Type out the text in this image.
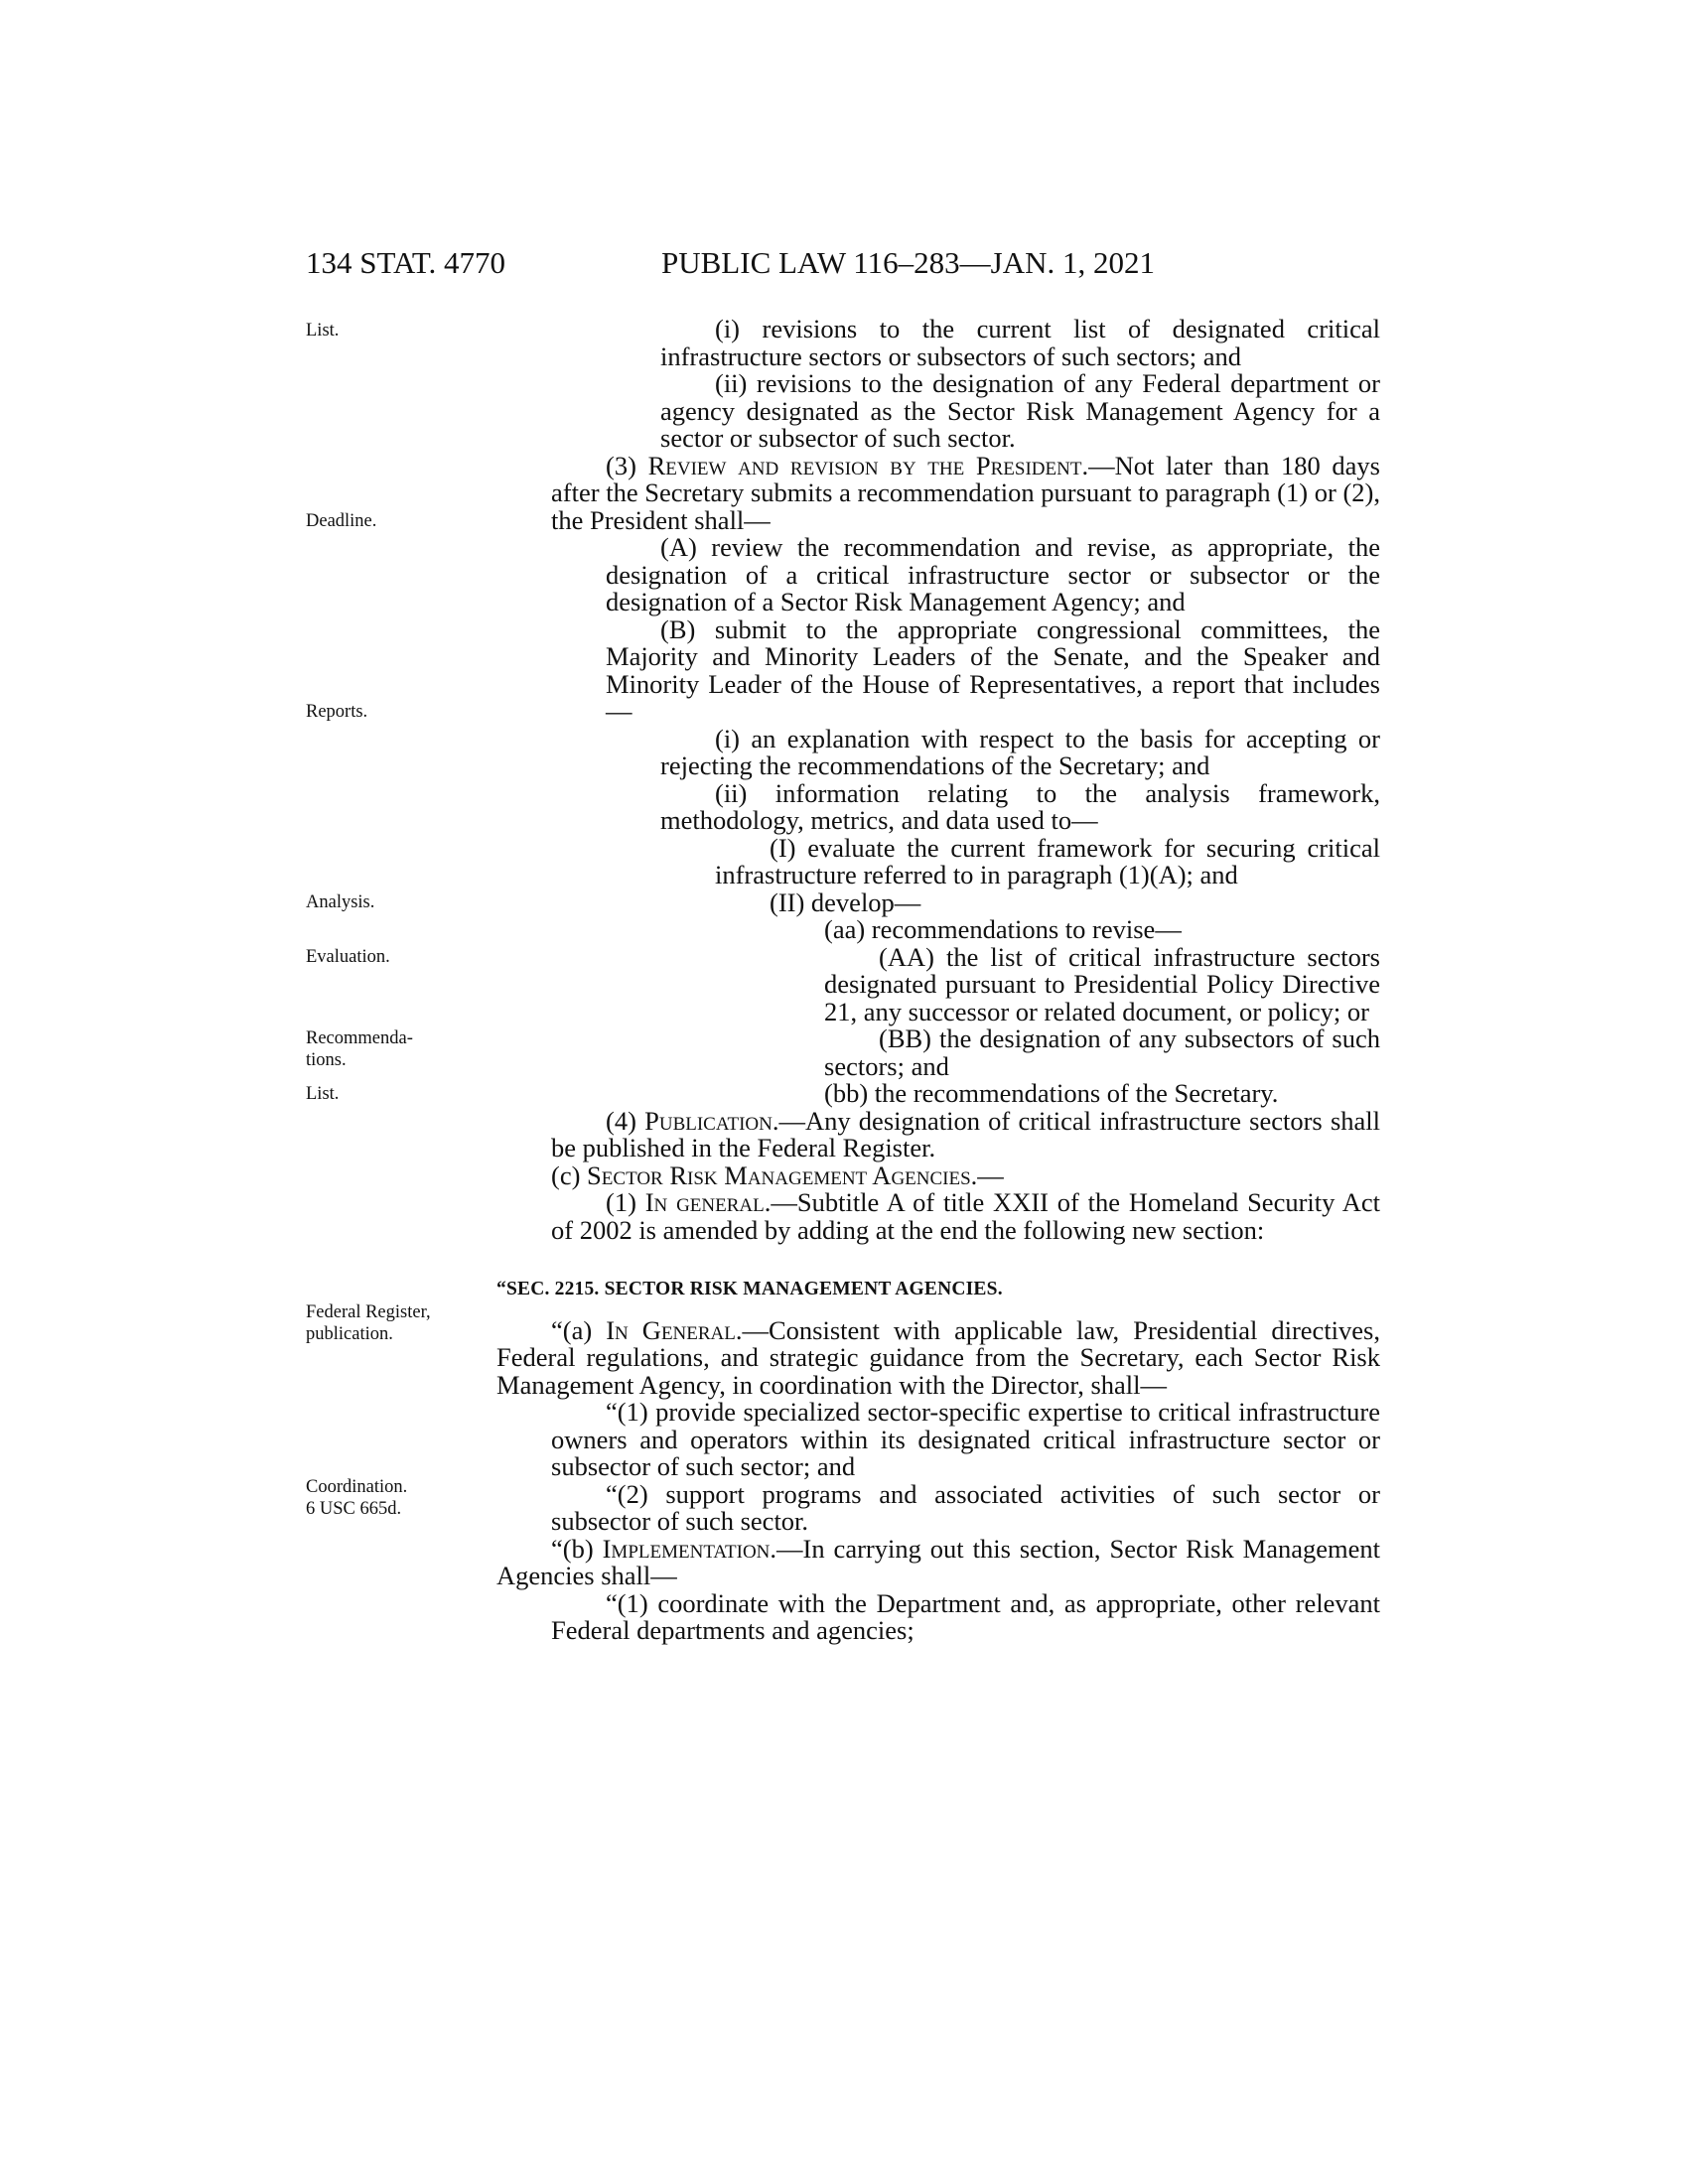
134 STAT. 4770	PUBLIC LAW 116–283—JAN. 1, 2021
List.
Deadline.
Reports.
Analysis.
Evaluation.
Recommenda-
tions.
List.
Federal Register,
publication.
Coordination.
6 USC 665d.
(i) revisions to the current list of designated critical infrastructure sectors or subsectors of such sectors; and
(ii) revisions to the designation of any Federal department or agency designated as the Sector Risk Management Agency for a sector or subsector of such sector.
(3) Review and revision by the President.—Not later than 180 days after the Secretary submits a recommendation pursuant to paragraph (1) or (2), the President shall—
(A) review the recommendation and revise, as appropriate, the designation of a critical infrastructure sector or subsector or the designation of a Sector Risk Management Agency; and
(B) submit to the appropriate congressional committees, the Majority and Minority Leaders of the Senate, and the Speaker and Minority Leader of the House of Representatives, a report that includes—
(i) an explanation with respect to the basis for accepting or rejecting the recommendations of the Secretary; and
(ii) information relating to the analysis framework, methodology, metrics, and data used to—
(I) evaluate the current framework for securing critical infrastructure referred to in paragraph (1)(A); and
(II) develop—
(aa) recommendations to revise—
(AA) the list of critical infrastructure sectors designated pursuant to Presidential Policy Directive 21, any successor or related document, or policy; or
(BB) the designation of any subsectors of such sectors; and
(bb) the recommendations of the Secretary.
(4) Publication.—Any designation of critical infrastructure sectors shall be published in the Federal Register.
(c) Sector Risk Management Agencies.—
(1) In general.—Subtitle A of title XXII of the Homeland Security Act of 2002 is amended by adding at the end the following new section:
“SEC. 2215. SECTOR RISK MANAGEMENT AGENCIES.
“(a) In General.—Consistent with applicable law, Presidential directives, Federal regulations, and strategic guidance from the Secretary, each Sector Risk Management Agency, in coordination with the Director, shall—
“(1) provide specialized sector-specific expertise to critical infrastructure owners and operators within its designated critical infrastructure sector or subsector of such sector; and
“(2) support programs and associated activities of such sector or subsector of such sector.
“(b) Implementation.—In carrying out this section, Sector Risk Management Agencies shall—
“(1) coordinate with the Department and, as appropriate, other relevant Federal departments and agencies;
